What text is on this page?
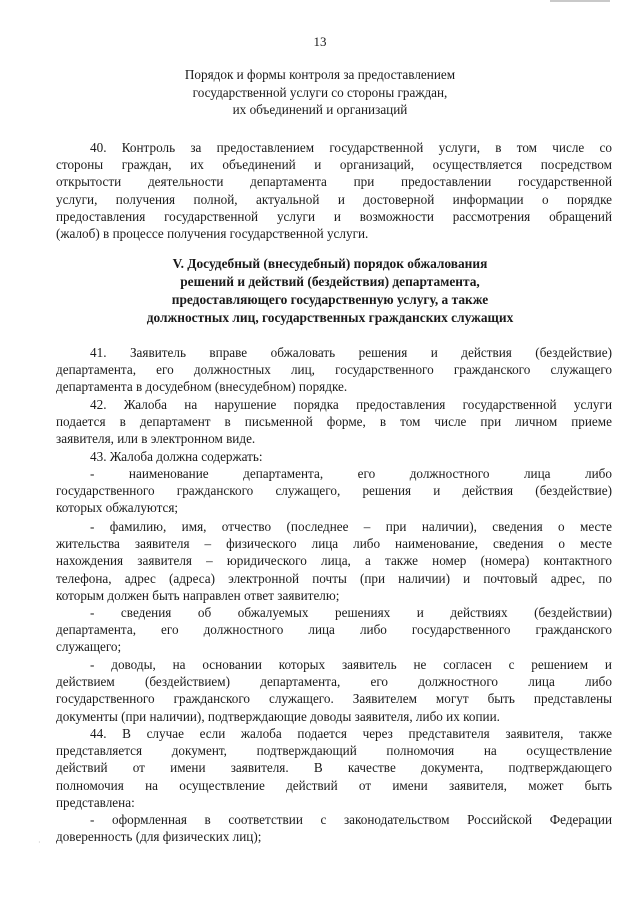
13
Порядок и формы контроля за предоставлением
государственной услуги со стороны граждан,
их объединений и организаций
40. Контроль за предоставлением государственной услуги, в том числе со
стороны граждан, их объединений и организаций, осуществляется посредством
открытости деятельности департамента при предоставлении государственной
услуги, получения полной, актуальной и достоверной информации о порядке
предоставления государственной услуги и возможности рассмотрения обращений
(жалоб) в процессе получения государственной услуги.
V. Досудебный (внесудебный) порядок обжалования
решений и действий (бездействия) департамента,
предоставляющего государственную услугу, а также
должностных лиц, государственных гражданских служащих
41. Заявитель вправе обжаловать решения и действия (бездействие)
департамента, его должностных лиц, государственного гражданского служащего
департамента в досудебном (внесудебном) порядке.
42. Жалоба на нарушение порядка предоставления государственной услуги
подается в департамент в письменной форме, в том числе при личном приеме
заявителя, или в электронном виде.
43. Жалоба должна содержать:
- наименование департамента, его должностного лица либо
государственного гражданского служащего, решения и действия (бездействие)
которых обжалуются;
- фамилию, имя, отчество (последнее – при наличии), сведения о месте
жительства заявителя – физического лица либо наименование, сведения о месте
нахождения заявителя – юридического лица, а также номер (номера) контактного
телефона, адрес (адреса) электронной почты (при наличии) и почтовый адрес, по
которым должен быть направлен ответ заявителю;
- сведения об обжалуемых решениях и действиях (бездействии)
департамента, его должностного лица либо государственного гражданского
служащего;
- доводы, на основании которых заявитель не согласен с решением и
действием (бездействием) департамента, его должностного лица либо
государственного гражданского служащего. Заявителем могут быть представлены
документы (при наличии), подтверждающие доводы заявителя, либо их копии.
44. В случае если жалоба подается через представителя заявителя, также
представляется документ, подтверждающий полномочия на осуществление
действий от имени заявителя. В качестве документа, подтверждающего
полномочия на осуществление действий от имени заявителя, может быть
представлена:
- оформленная в соответствии с законодательством Российской Федерации
доверенность (для физических лиц);
·
